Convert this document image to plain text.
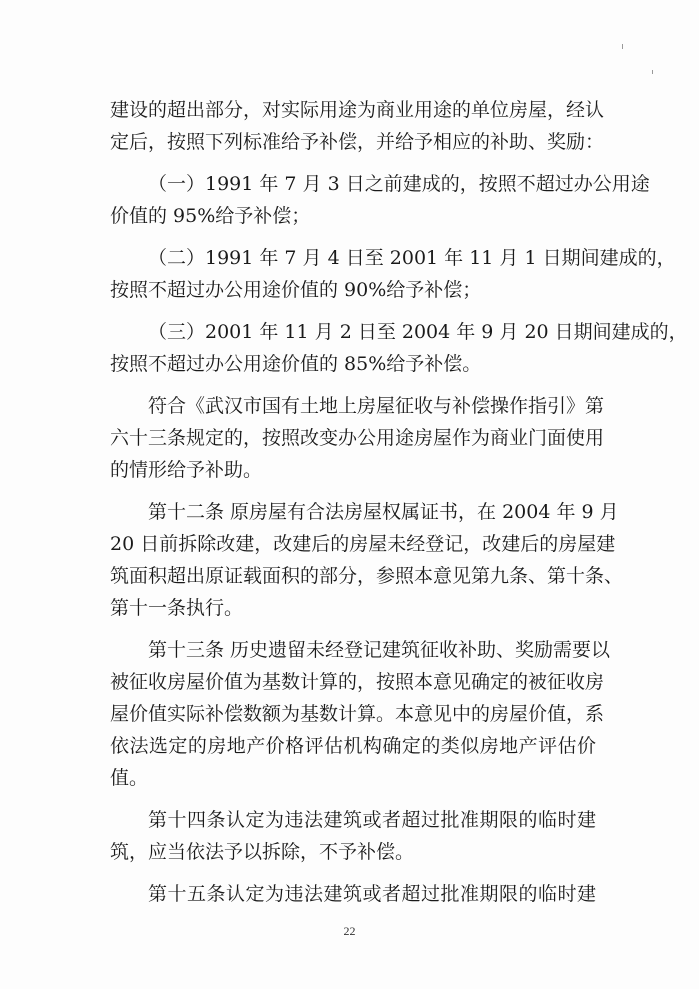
建设的超出部分，对实际用途为商业用途的单位房屋，经认
定后，按照下列标准给予补偿，并给予相应的补助、奖励：
（一）1991 年 7 月 3 日之前建成的，按照不超过办公用途
价值的 95%给予补偿；
（二）1991 年 7 月 4 日至 2001 年 11 月 1 日期间建成的，
按照不超过办公用途价值的 90%给予补偿；
（三）2001 年 11 月 2 日至 2004 年 9 月 20 日期间建成的，
按照不超过办公用途价值的 85%给予补偿。
符合《武汉市国有土地上房屋征收与补偿操作指引》第
六十三条规定的，按照改变办公用途房屋作为商业门面使用
的情形给予补助。
第十二条 原房屋有合法房屋权属证书，在 2004 年 9 月
20 日前拆除改建，改建后的房屋未经登记，改建后的房屋建
筑面积超出原证载面积的部分，参照本意见第九条、第十条、
第十一条执行。
第十三条 历史遗留未经登记建筑征收补助、奖励需要以
被征收房屋价值为基数计算的，按照本意见确定的被征收房
屋价值实际补偿数额为基数计算。本意见中的房屋价值，系
依法选定的房地产价格评估机构确定的类似房地产评估价
值。
第十四条认定为违法建筑或者超过批准期限的临时建
筑，应当依法予以拆除，不予补偿。
第十五条认定为违法建筑或者超过批准期限的临时建
22
